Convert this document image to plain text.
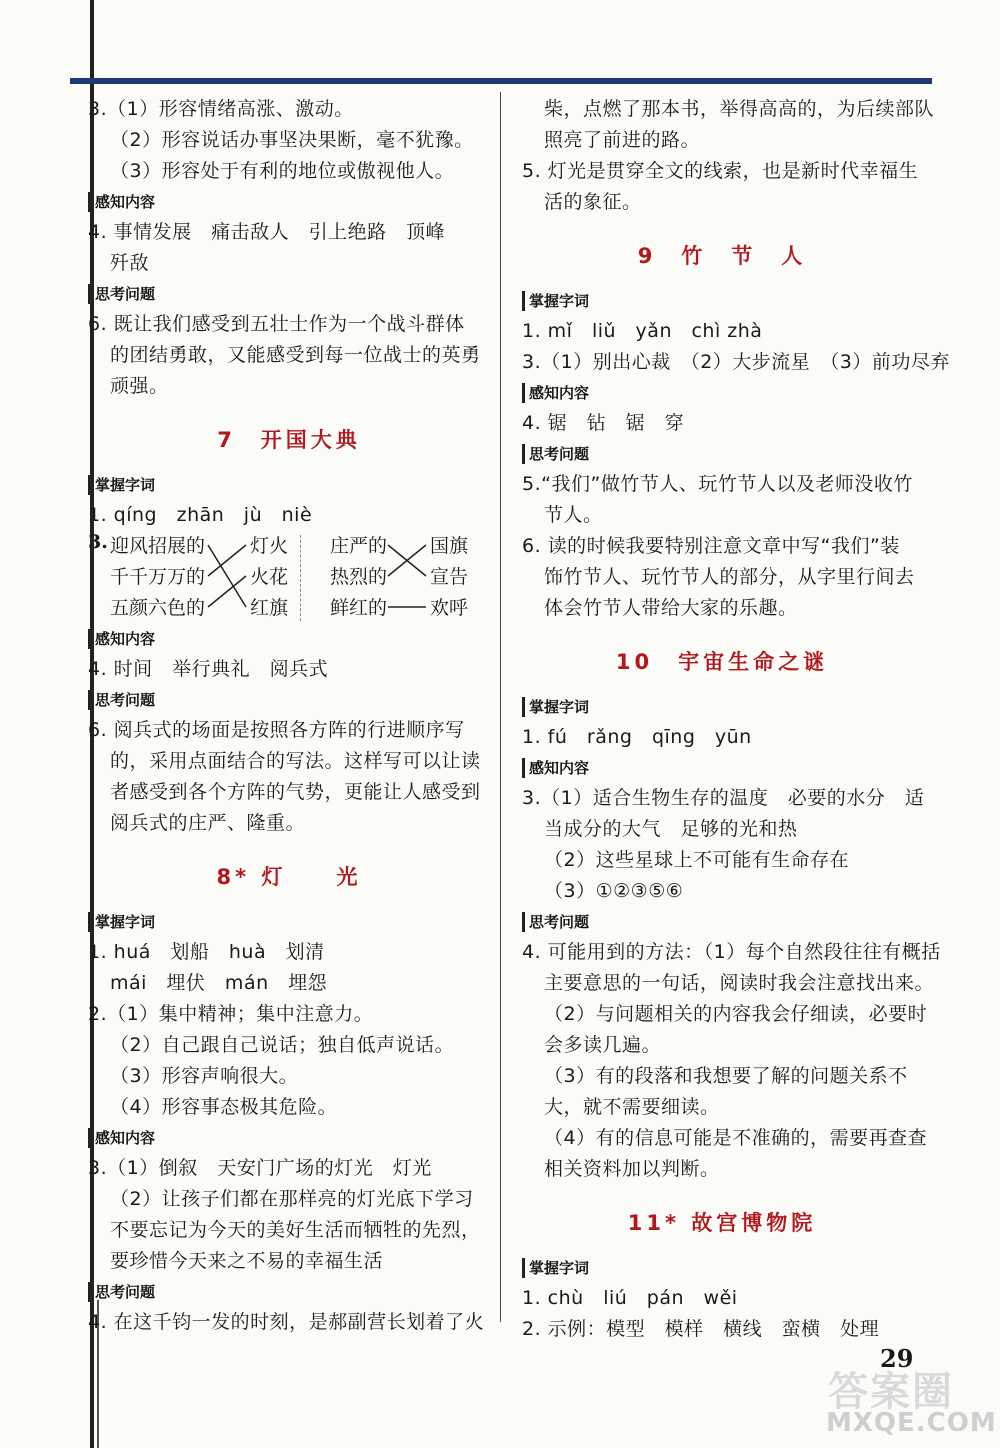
3.（1）形容情绪高涨、激动。
（2）形容说话办事坚决果断，毫不犹豫。
（3）形容处于有利的地位或傲视他人。
感知内容
4. 事情发展　痛击敌人　引上绝路　顶峰
歼敌
思考问题
6. 既让我们感受到五壮士作为一个战斗群体
的团结勇敢，又能感受到每一位战士的英勇
顽强。
7　开国大典
掌握字词
1. qíng　zhān　jù　niè
3. 迎风招展的
千千万万的
五颜六色的
灯火
火花
红旗
庄严的
热烈的
鲜红的
国旗
宣告
欢呼
感知内容
4. 时间　举行典礼　阅兵式
思考问题
6. 阅兵式的场面是按照各方阵的行进顺序写
的，采用点面结合的写法。这样写可以让读
者感受到各个方阵的气势，更能让人感受到
阅兵式的庄严、隆重。
8* 灯　　光
掌握字词
1. huá　划船　huà　划清
mái　埋伏　mán　埋怨
2.（1）集中精神；集中注意力。
（2）自己跟自己说话；独自低声说话。
（3）形容声响很大。
（4）形容事态极其危险。
感知内容
3.（1）倒叙　天安门广场的灯光　灯光
（2）让孩子们都在那样亮的灯光底下学习
不要忘记为今天的美好生活而牺牲的先烈，
要珍惜今天来之不易的幸福生活
思考问题
4. 在这千钧一发的时刻，是郝副营长划着了火
柴，点燃了那本书，举得高高的，为后续部队
照亮了前进的路。
5. 灯光是贯穿全文的线索，也是新时代幸福生
活的象征。
9　竹　节　人
掌握字词
1. mǐ　liǔ　yǎn　chì zhà
3.（1）别出心裁　（2）大步流星　（3）前功尽弃
感知内容
4. 锯　钻　锯　穿
思考问题
5.“我们”做竹节人、玩竹节人以及老师没收竹
节人。
6. 读的时候我要特别注意文章中写“我们”装
饰竹节人、玩竹节人的部分，从字里行间去
体会竹节人带给大家的乐趣。
10　宇宙生命之谜
掌握字词
1. fú　rǎng　qīng　yūn
感知内容
3.（1）适合生物生存的温度　必要的水分　适
当成分的大气　足够的光和热
（2）这些星球上不可能有生命存在
（3）①②③⑤⑥
思考问题
4. 可能用到的方法：（1）每个自然段往往有概括
主要意思的一句话，阅读时我会注意找出来。
（2）与问题相关的内容我会仔细读，必要时
会多读几遍。
（3）有的段落和我想要了解的问题关系不
大，就不需要细读。
（4）有的信息可能是不准确的，需要再查查
相关资料加以判断。
11* 故宫博物院
掌握字词
1. chù　liú　pán　wěi
2. 示例：模型　模样　横线　蛮横　处理
答案圈
MXQE.COM
29
